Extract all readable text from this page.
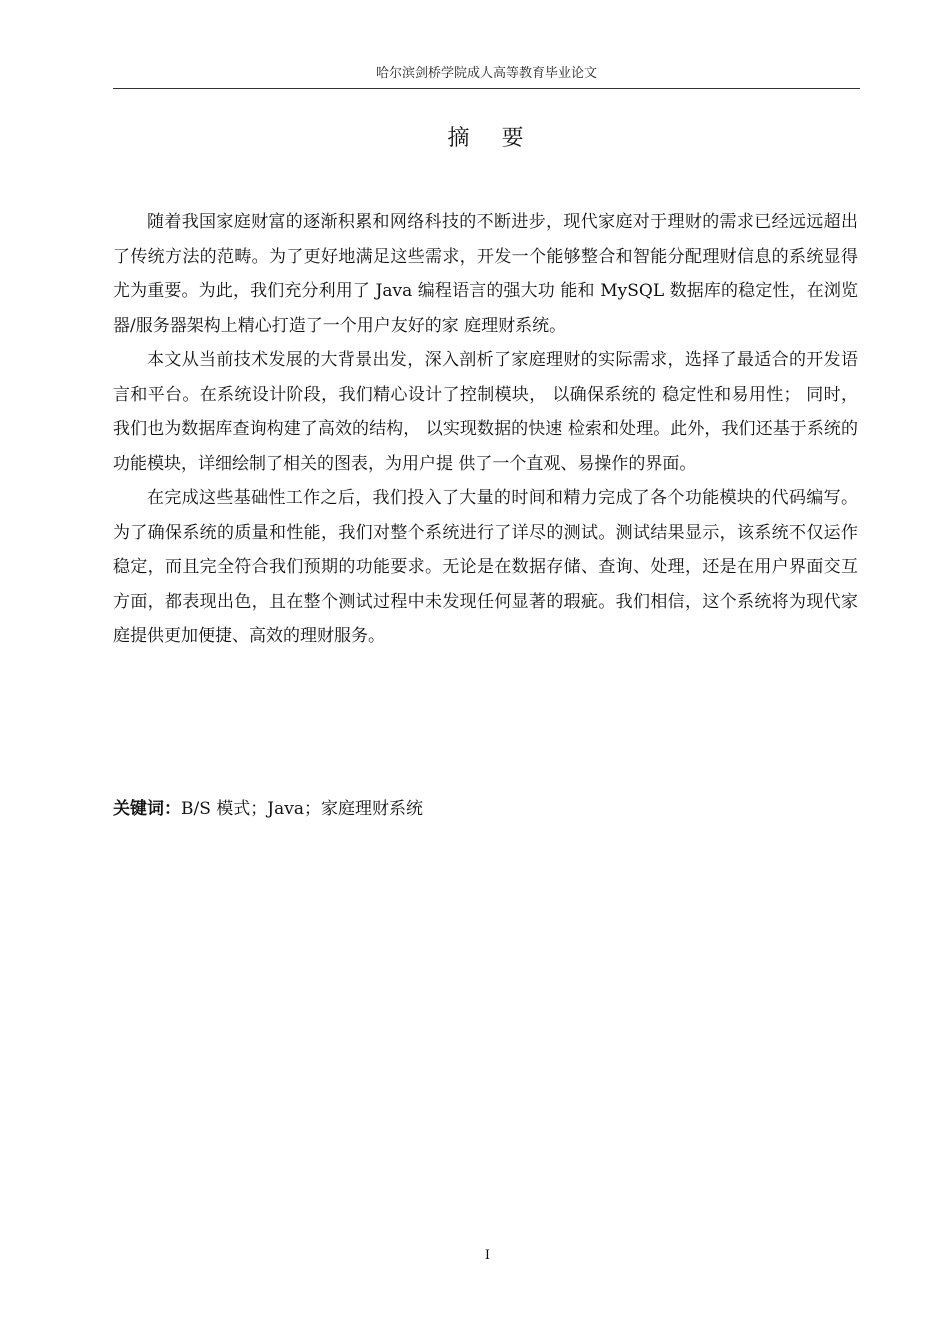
哈尔滨剑桥学院成人高等教育毕业论文
摘 要

随着我国家庭财富的逐渐积累和网络科技的不断进步，现代家庭对于理财的需求已经远远超出了传统方法的范畴。为了更好地满足这些需求，开发一个能够整合和智能分配理财信息的系统显得尤为重要。为此，我们充分利用了 Java 编程语言的强大功 能和 MySQL 数据库的稳定性，在浏览器/服务器架构上精心打造了一个用户友好的家 庭理财系统。

本文从当前技术发展的大背景出发，深入剖析了家庭理财的实际需求，选择了最适合的开发语言和平台。在系统设计阶段，我们精心设计了控制模块， 以确保系统的 稳定性和易用性； 同时，我们也为数据库查询构建了高效的结构， 以实现数据的快速 检索和处理。此外，我们还基于系统的功能模块，详细绘制了相关的图表，为用户提 供了一个直观、易操作的界面。

在完成这些基础性工作之后，我们投入了大量的时间和精力完成了各个功能模块的代码编写。为了确保系统的质量和性能，我们对整个系统进行了详尽的测试。测试结果显示，该系统不仅运作稳定，而且完全符合我们预期的功能要求。无论是在数据存储、查询、处理，还是在用户界面交互方面，都表现出色，且在整个测试过程中未发现任何显著的瑕疵。我们相信，这个系统将为现代家庭提供更加便捷、高效的理财服务。

关键词：B/S 模式；Java；家庭理财系统
I
